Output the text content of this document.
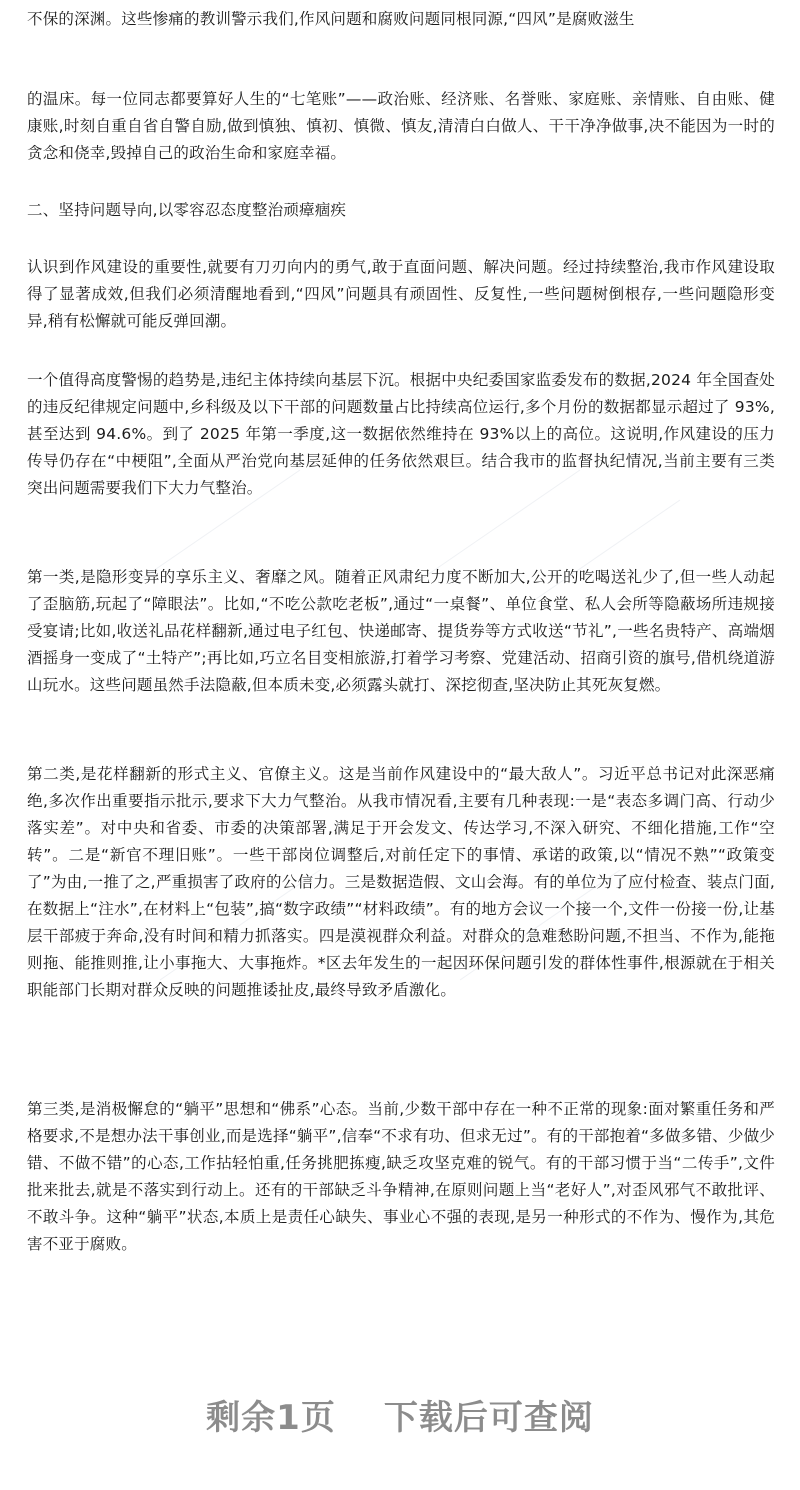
不保的深渊。这些惨痛的教训警示我们,作风问题和腐败问题同根同源,“四风”是腐败滋生

的温床。每一位同志都要算好人生的“七笔账”——政治账、经济账、名誉账、家庭账、亲情账、自由账、健康账,时刻自重自省自警自励,做到慎独、慎初、慎微、慎友,清清白白做人、干干净净做事,决不能因为一时的贪念和侥幸,毁掉自己的政治生命和家庭幸福。

二、坚持问题导向,以零容忍态度整治顽瘴痼疾

认识到作风建设的重要性,就要有刀刃向内的勇气,敢于直面问题、解决问题。经过持续整治,我市作风建设取得了显著成效,但我们必须清醒地看到,“四风”问题具有顽固性、反复性,一些问题树倒根存,一些问题隐形变异,稍有松懈就可能反弹回潮。

一个值得高度警惕的趋势是,违纪主体持续向基层下沉。根据中央纪委国家监委发布的数据,2024 年全国查处的违反纪律规定问题中,乡科级及以下干部的问题数量占比持续高位运行,多个月份的数据都显示超过了 93%,甚至达到 94.6%。到了 2025 年第一季度,这一数据依然维持在 93%以上的高位。这说明,作风建设的压力传导仍存在“中梗阻”,全面从严治党向基层延伸的任务依然艰巨。结合我市的监督执纪情况,当前主要有三类突出问题需要我们下大力气整治。

第一类,是隐形变异的享乐主义、奢靡之风。随着正风肃纪力度不断加大,公开的吃喝送礼少了,但一些人动起了歪脑筋,玩起了“障眼法”。比如,“不吃公款吃老板”,通过“一桌餐”、单位食堂、私人会所等隐蔽场所违规接受宴请;比如,收送礼品花样翻新,通过电子红包、快递邮寄、提货券等方式收送“节礼”,一些名贵特产、高端烟酒摇身一变成了“土特产”;再比如,巧立名目变相旅游,打着学习考察、党建活动、招商引资的旗号,借机绕道游山玩水。这些问题虽然手法隐蔽,但本质未变,必须露头就打、深挖彻查,坚决防止其死灰复燃。

第二类,是花样翻新的形式主义、官僚主义。这是当前作风建设中的“最大敌人”。习近平总书记对此深恶痛绝,多次作出重要指示批示,要求下大力气整治。从我市情况看,主要有几种表现:一是“表态多调门高、行动少落实差”。对中央和省委、市委的决策部署,满足于开会发文、传达学习,不深入研究、不细化措施,工作“空转”。二是“新官不理旧账”。一些干部岗位调整后,对前任定下的事情、承诺的政策,以“情况不熟”“政策变了”为由,一推了之,严重损害了政府的公信力。三是数据造假、文山会海。有的单位为了应付检查、装点门面,在数据上“注水”,在材料上“包装”,搞“数字政绩”“材料政绩”。有的地方会议一个接一个,文件一份接一份,让基层干部疲于奔命,没有时间和精力抓落实。四是漠视群众利益。对群众的急难愁盼问题,不担当、不作为,能拖则拖、能推则推,让小事拖大、大事拖炸。*区去年发生的一起因环保问题引发的群体性事件,根源就在于相关职能部门长期对群众反映的问题推诿扯皮,最终导致矛盾激化。

第三类,是消极懈怠的“躺平”思想和“佛系”心态。当前,少数干部中存在一种不正常的现象:面对繁重任务和严格要求,不是想办法干事创业,而是选择“躺平”,信奉“不求有功、但求无过”。有的干部抱着“多做多错、少做少错、不做不错”的心态,工作拈轻怕重,任务挑肥拣瘦,缺乏攻坚克难的锐气。有的干部习惯于当“二传手”,文件批来批去,就是不落实到行动上。还有的干部缺乏斗争精神,在原则问题上当“老好人”,对歪风邪气不敢批评、不敢斗争。这种“躺平”状态,本质上是责任心缺失、事业心不强的表现,是另一种形式的不作为、慢作为,其危害不亚于腐败。

剩余1页 下载后可查阅
